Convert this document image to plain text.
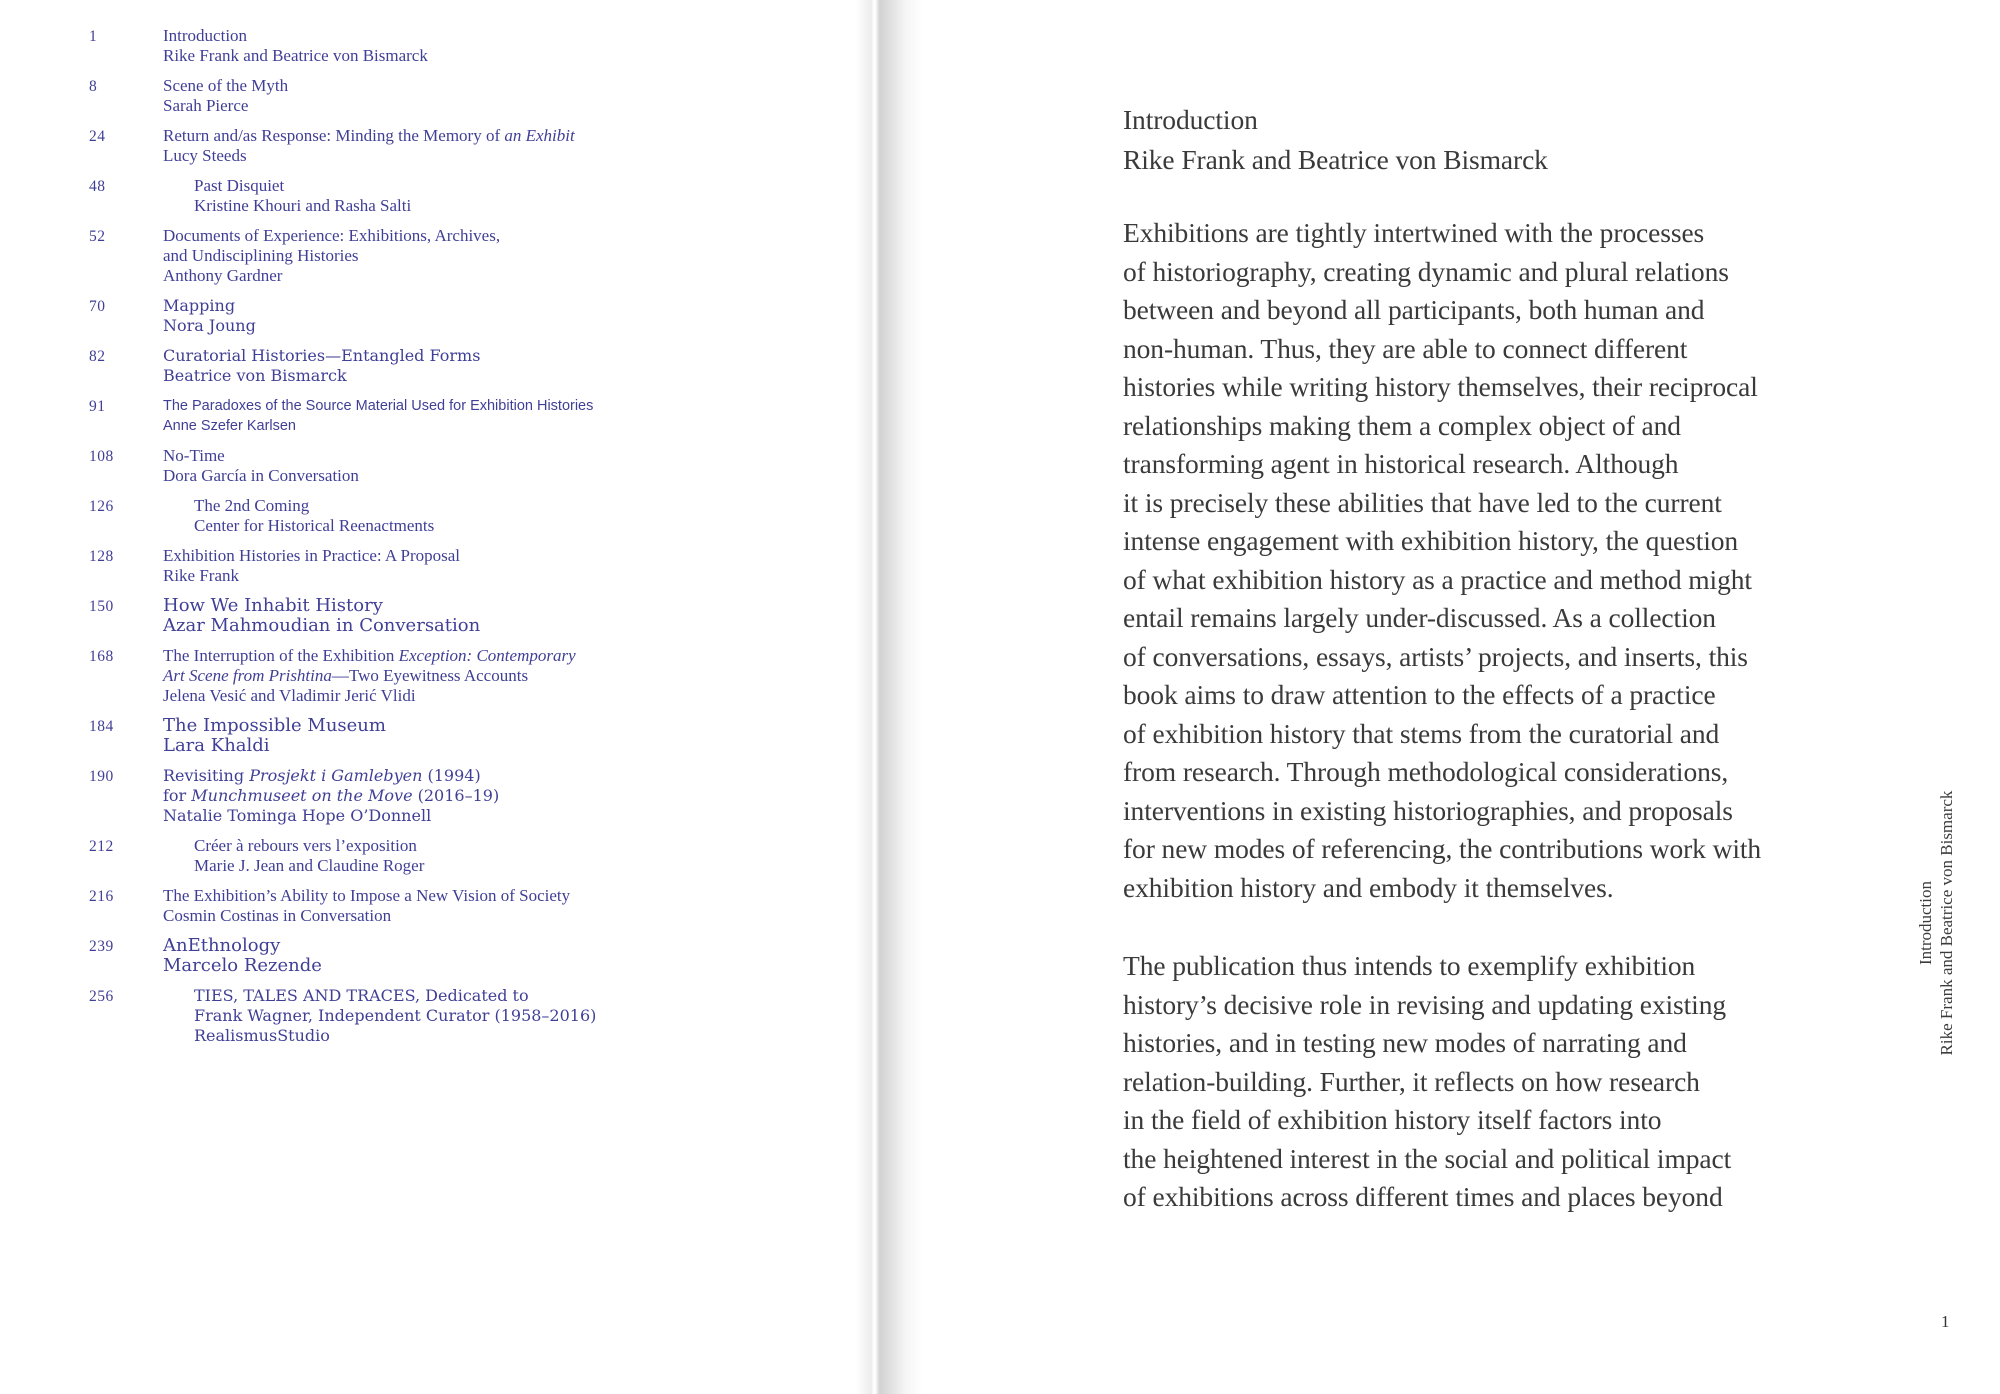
1	Introduction
Rike Frank and Beatrice von Bismarck
8	Scene of the Myth
Sarah Pierce
24	Return and/as Response: Minding the Memory of an Exhibit
Lucy Steeds
48	Past Disquiet
Kristine Khouri and Rasha Salti
52	Documents of Experience: Exhibitions, Archives,
and Undisciplining Histories
Anthony Gardner
70	Mapping
Nora Joung
82	Curatorial Histories—Entangled Forms
Beatrice von Bismarck
91	The Paradoxes of the Source Material Used for Exhibition Histories
Anne Szefer Karlsen
108	No-Time
Dora García in Conversation
126	The 2nd Coming
Center for Historical Reenactments
128	Exhibition Histories in Practice: A Proposal
Rike Frank
150	How We Inhabit History
Azar Mahmoudian in Conversation
168	The Interruption of the Exhibition Exception: Contemporary
Art Scene from Prishtina—Two Eyewitness Accounts
Jelena Vesić and Vladimir Jerić Vlidi
184	The Impossible Museum
Lara Khaldi
190	Revisiting Prosjekt i Gamlebyen (1994)
for Munchmuseet on the Move (2016–19)
Natalie Tominga Hope O’Donnell
212	Créer à rebours vers l’exposition
Marie J. Jean and Claudine Roger
216	The Exhibition’s Ability to Impose a New Vision of Society
Cosmin Costinas in Conversation
239	AnEthnology
Marcelo Rezende
256	TIES, TALES AND TRACES, Dedicated to
Frank Wagner, Independent Curator (1958–2016)
RealismusStudio
Introduction
Rike Frank and Beatrice von Bismarck
Exhibitions are tightly intertwined with the processes
of historiography, creating dynamic and plural relations
between and beyond all participants, both human and
non-human. Thus, they are able to connect different
histories while writing history themselves, their reciprocal
relationships making them a complex object of and
transforming agent in historical research. Although
it is precisely these abilities that have led to the current
intense engagement with exhibition history, the question
of what exhibition history as a practice and method might
entail remains largely under-discussed. As a collection
of conversations, essays, artists’ projects, and inserts, this
book aims to draw attention to the effects of a practice
of exhibition history that stems from the curatorial and
from research. Through methodological considerations,
interventions in existing historiographies, and proposals
for new modes of referencing, the contributions work with
exhibition history and embody it themselves.
The publication thus intends to exemplify exhibition
history’s decisive role in revising and updating existing
histories, and in testing new modes of narrating and
relation-building. Further, it reflects on how research
in the field of exhibition history itself factors into
the heightened interest in the social and political impact
of exhibitions across different times and places beyond
Introduction Rike Frank and Beatrice von Bismarck
1
